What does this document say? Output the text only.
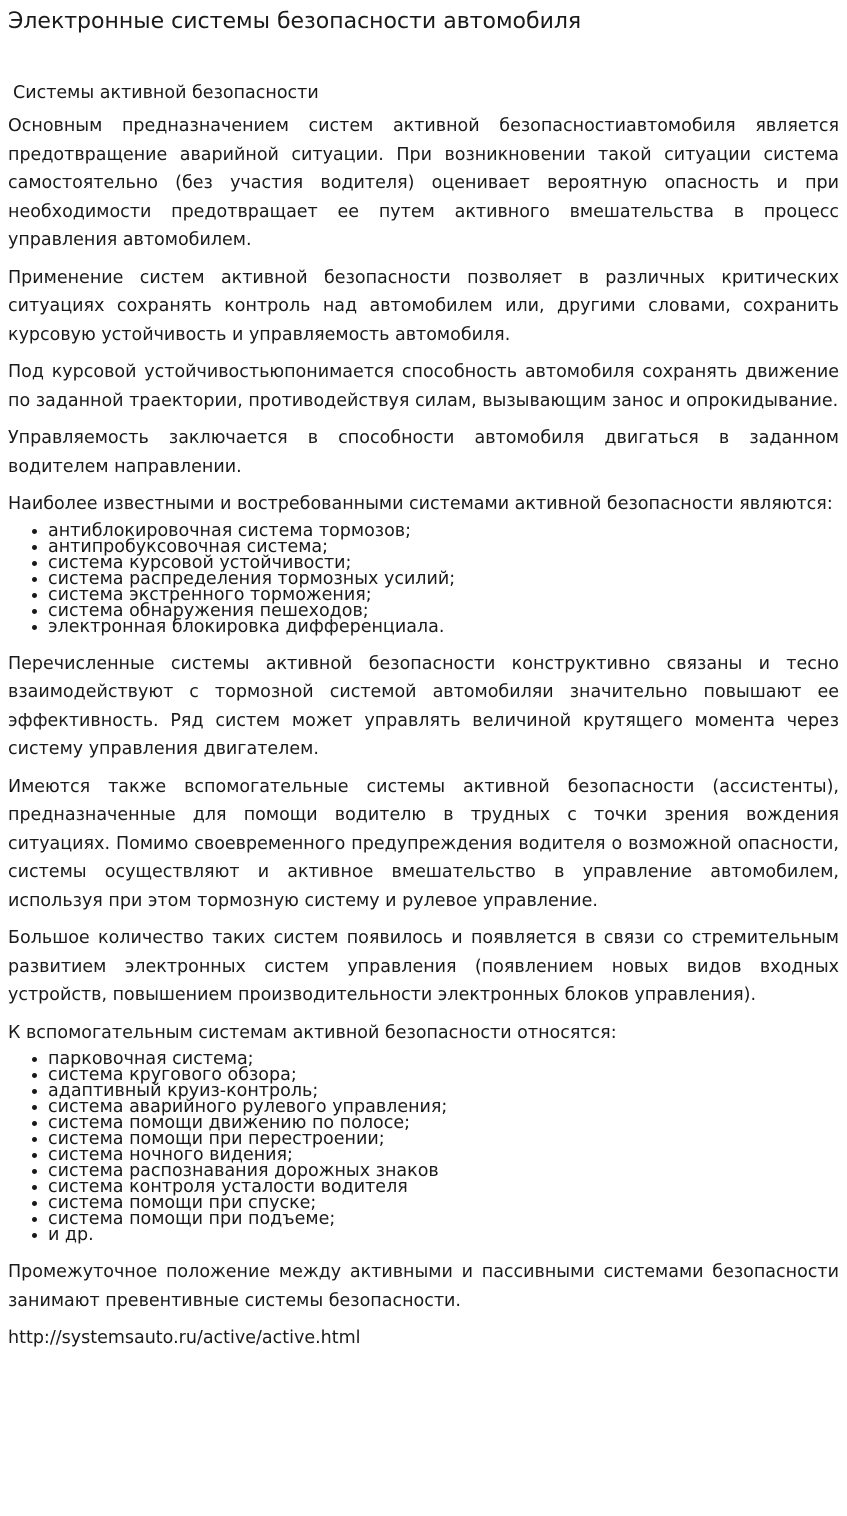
Электронные системы безопасности автомобиля
Системы активной безопасности

Основным предназначением систем активной безопасностиавтомобиля является предотвращение аварийной ситуации. При возникновении такой ситуации система самостоятельно (без участия водителя) оценивает вероятную опасность и при необходимости предотвращает ее путем активного вмешательства в процесс управления автомобилем.

Применение систем активной безопасности позволяет в различных критических ситуациях сохранять контроль над автомобилем или, другими словами, сохранить курсовую устойчивость и управляемость автомобиля.

Под курсовой устойчивостьюпонимается способность автомобиля сохранять движение по заданной траектории, противодействуя силам, вызывающим занос и опрокидывание.

Управляемость заключается в способности автомобиля двигаться в заданном водителем направлении.

Наиболее известными и востребованными системами активной безопасности являются:

• антиблокировочная система тормозов;
• антипробуксовочная система;
• система курсовой устойчивости;
• система распределения тормозных усилий;
• система экстренного торможения;
• система обнаружения пешеходов;
• электронная блокировка дифференциала.

Перечисленные системы активной безопасности конструктивно связаны и тесно взаимодействуют с тормозной системой автомобиляи значительно повышают ее эффективность. Ряд систем может управлять величиной крутящего момента через систему управления двигателем.

Имеются также вспомогательные системы активной безопасности (ассистенты), предназначенные для помощи водителю в трудных с точки зрения вождения ситуациях. Помимо своевременного предупреждения водителя о возможной опасности, системы осуществляют и активное вмешательство в управление автомобилем, используя при этом тормозную систему и рулевое управление.

Большое количество таких систем появилось и появляется в связи со стремительным развитием электронных систем управления (появлением новых видов входных устройств, повышением производительности электронных блоков управления).

К вспомогательным системам активной безопасности относятся:

• парковочная система;
• система кругового обзора;
• адаптивный круиз-контроль;
• система аварийного рулевого управления;
• система помощи движению по полосе;
• система помощи при перестроении;
• система ночного видения;
• система распознавания дорожных знаков
• система контроля усталости водителя
• система помощи при спуске;
• система помощи при подъеме;
• и др.

Промежуточное положение между активными и пассивными системами безопасности занимают превентивные системы безопасности.

http://systemsauto.ru/active/active.html
